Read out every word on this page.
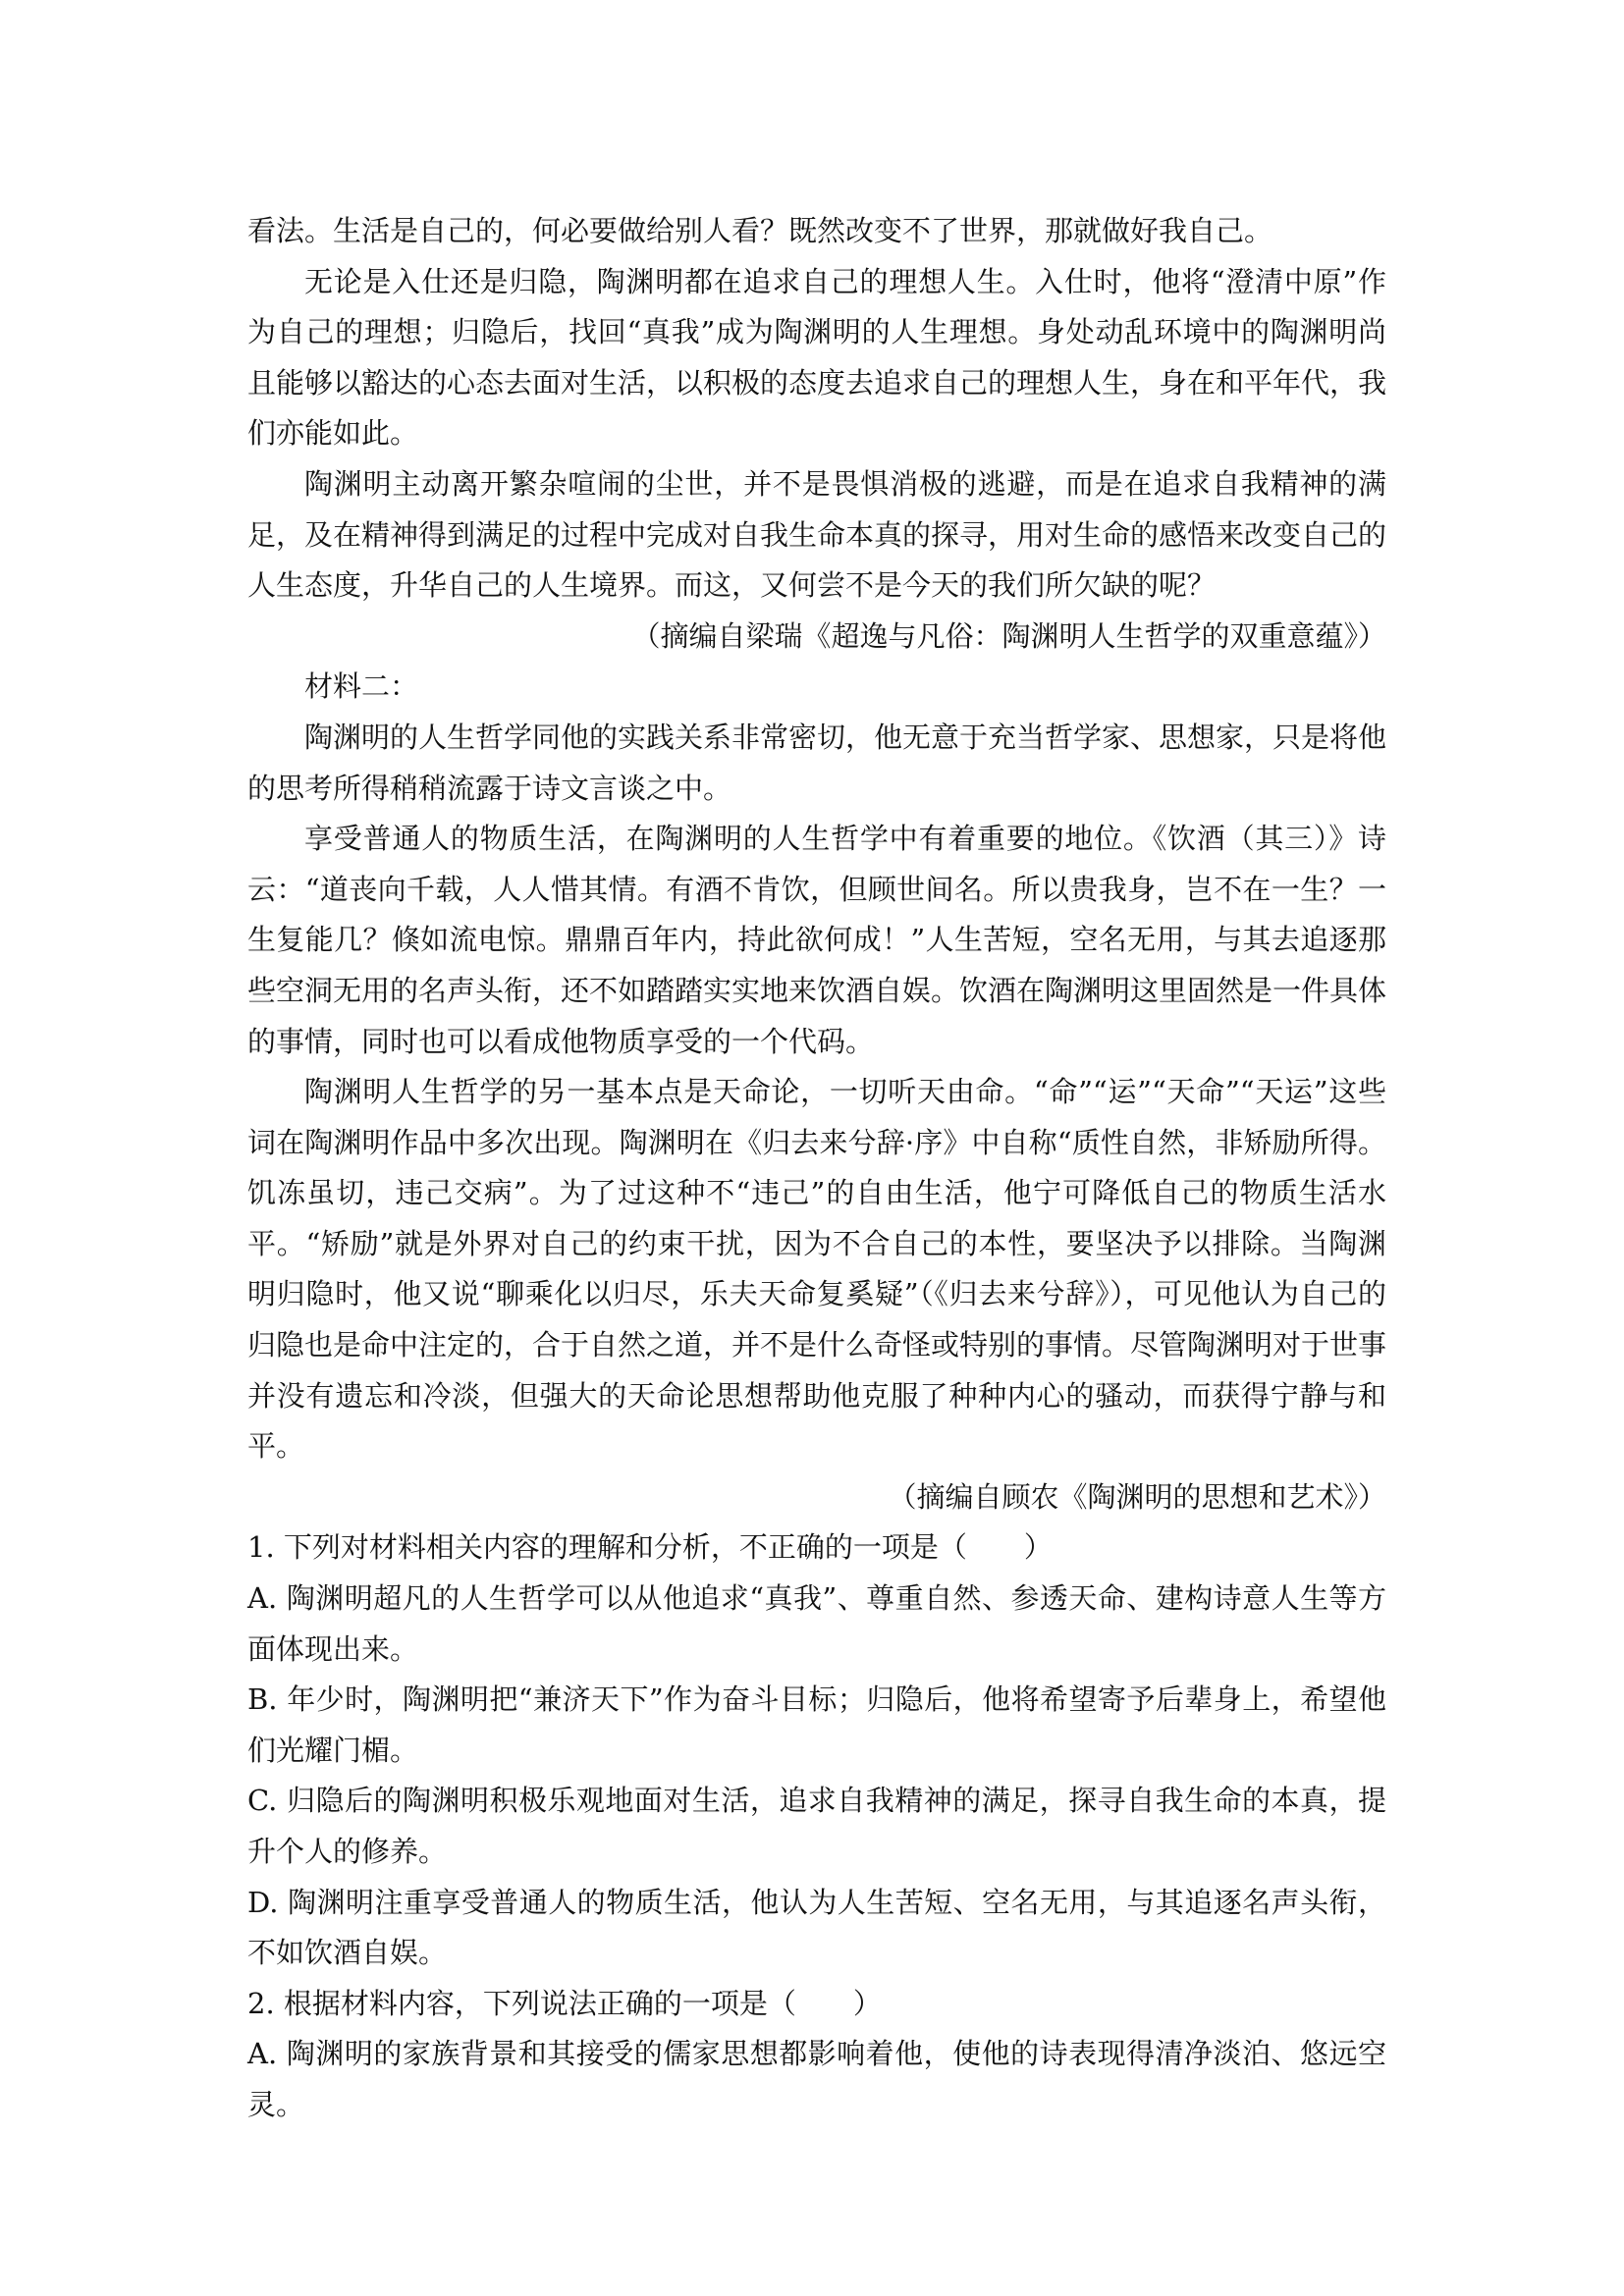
看法。生活是自己的，何必要做给别人看？既然改变不了世界，那就做好我自己。

无论是入仕还是归隐，陶渊明都在追求自己的理想人生。入仕时，他将“澄清中原”作为自己的理想；归隐后，找回“真我”成为陶渊明的人生理想。身处动乱环境中的陶渊明尚且能够以豁达的心态去面对生活，以积极的态度去追求自己的理想人生，身在和平年代，我们亦能如此。

陶渊明主动离开繁杂喧闹的尘世，并不是畏惧消极的逃避，而是在追求自我精神的满足，及在精神得到满足的过程中完成对自我生命本真的探寻，用对生命的感悟来改变自己的人生态度，升华自己的人生境界。而这，又何尝不是今天的我们所欠缺的呢？

（摘编自梁瑞《超逸与凡俗：陶渊明人生哲学的双重意蕴》）

材料二：

陶渊明的人生哲学同他的实践关系非常密切，他无意于充当哲学家、思想家，只是将他的思考所得稍稍流露于诗文言谈之中。

享受普通人的物质生活，在陶渊明的人生哲学中有着重要的地位。《饮酒（其三）》诗云：“道丧向千载，人人惜其情。有酒不肯饮，但顾世间名。所以贵我身，岂不在一生？一生复能几？倏如流电惊。鼎鼎百年内，持此欲何成！”人生苦短，空名无用，与其去追逐那些空洞无用的名声头衔，还不如踏踏实实地来饮酒自娱。饮酒在陶渊明这里固然是一件具体的事情，同时也可以看成他物质享受的一个代码。

陶渊明人生哲学的另一基本点是天命论，一切听天由命。“命”“运”“天命”“天运”这些词在陶渊明作品中多次出现。陶渊明在《归去来兮辞·序》中自称“质性自然，非矫励所得。饥冻虽切，违己交病”。为了过这种不“违己”的自由生活，他宁可降低自己的物质生活水平。“矫励”就是外界对自己的约束干扰，因为不合自己的本性，要坚决予以排除。当陶渊明归隐时，他又说“聊乘化以归尽，乐夫天命复奚疑”（《归去来兮辞》），可见他认为自己的归隐也是命中注定的，合于自然之道，并不是什么奇怪或特别的事情。尽管陶渊明对于世事并没有遗忘和冷淡，但强大的天命论思想帮助他克服了种种内心的骚动，而获得宁静与和平。

（摘编自顾农《陶渊明的思想和艺术》）

1. 下列对材料相关内容的理解和分析，不正确的一项是（　　）

A. 陶渊明超凡的人生哲学可以从他追求“真我”、尊重自然、参透天命、建构诗意人生等方面体现出来。

B. 年少时，陶渊明把“兼济天下”作为奋斗目标；归隐后，他将希望寄予后辈身上，希望他们光耀门楣。

C. 归隐后的陶渊明积极乐观地面对生活，追求自我精神的满足，探寻自我生命的本真，提升个人的修养。

D. 陶渊明注重享受普通人的物质生活，他认为人生苦短、空名无用，与其追逐名声头衔，不如饮酒自娱。

2. 根据材料内容，下列说法正确的一项是（　　）

A. 陶渊明的家族背景和其接受的儒家思想都影响着他，使他的诗表现得清净淡泊、悠远空灵。
